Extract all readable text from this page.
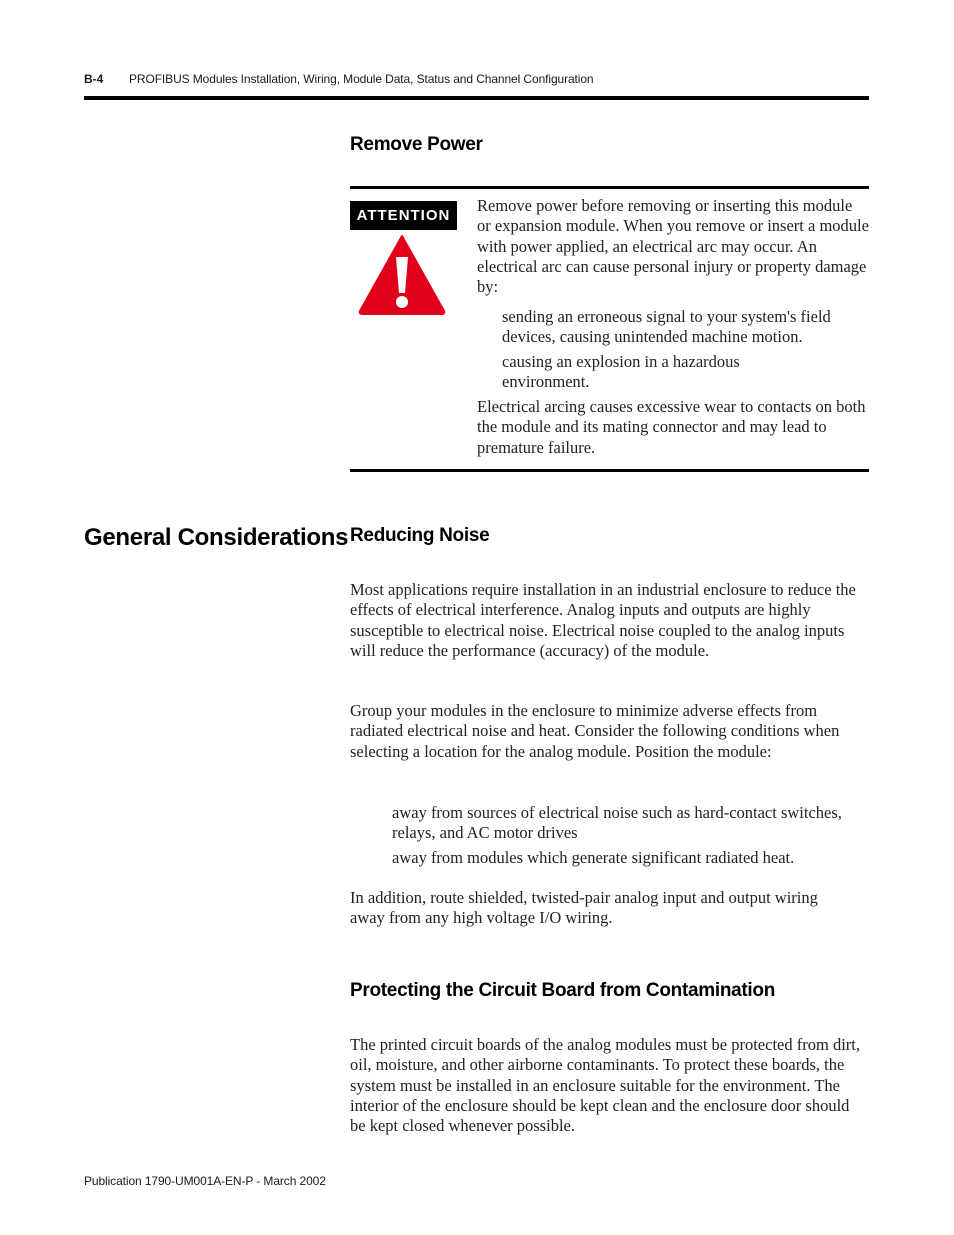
B-4 PROFIBUS Modules Installation, Wiring, Module Data, Status and Channel Configuration
Remove Power
ATTENTION
Remove power before removing or inserting this module or expansion module. When you remove or insert a module with power applied, an electrical arc may occur. An electrical arc can cause personal injury or property damage by:
sending an erroneous signal to your system's field devices, causing unintended machine motion.
causing an explosion in a hazardous environment.
Electrical arcing causes excessive wear to contacts on both the module and its mating connector and may lead to premature failure.
General Considerations Reducing Noise
Most applications require installation in an industrial enclosure to reduce the effects of electrical interference. Analog inputs and outputs are highly susceptible to electrical noise. Electrical noise coupled to the analog inputs will reduce the performance (accuracy) of the module.
Group your modules in the enclosure to minimize adverse effects from radiated electrical noise and heat. Consider the following conditions when selecting a location for the analog module. Position the module:
away from sources of electrical noise such as hard-contact switches, relays, and AC motor drives
away from modules which generate significant radiated heat.
In addition, route shielded, twisted-pair analog input and output wiring away from any high voltage I/O wiring.
Protecting the Circuit Board from Contamination
The printed circuit boards of the analog modules must be protected from dirt, oil, moisture, and other airborne contaminants. To protect these boards, the system must be installed in an enclosure suitable for the environment. The interior of the enclosure should be kept clean and the enclosure door should be kept closed whenever possible.
Publication 1790-UM001A-EN-P - March 2002
